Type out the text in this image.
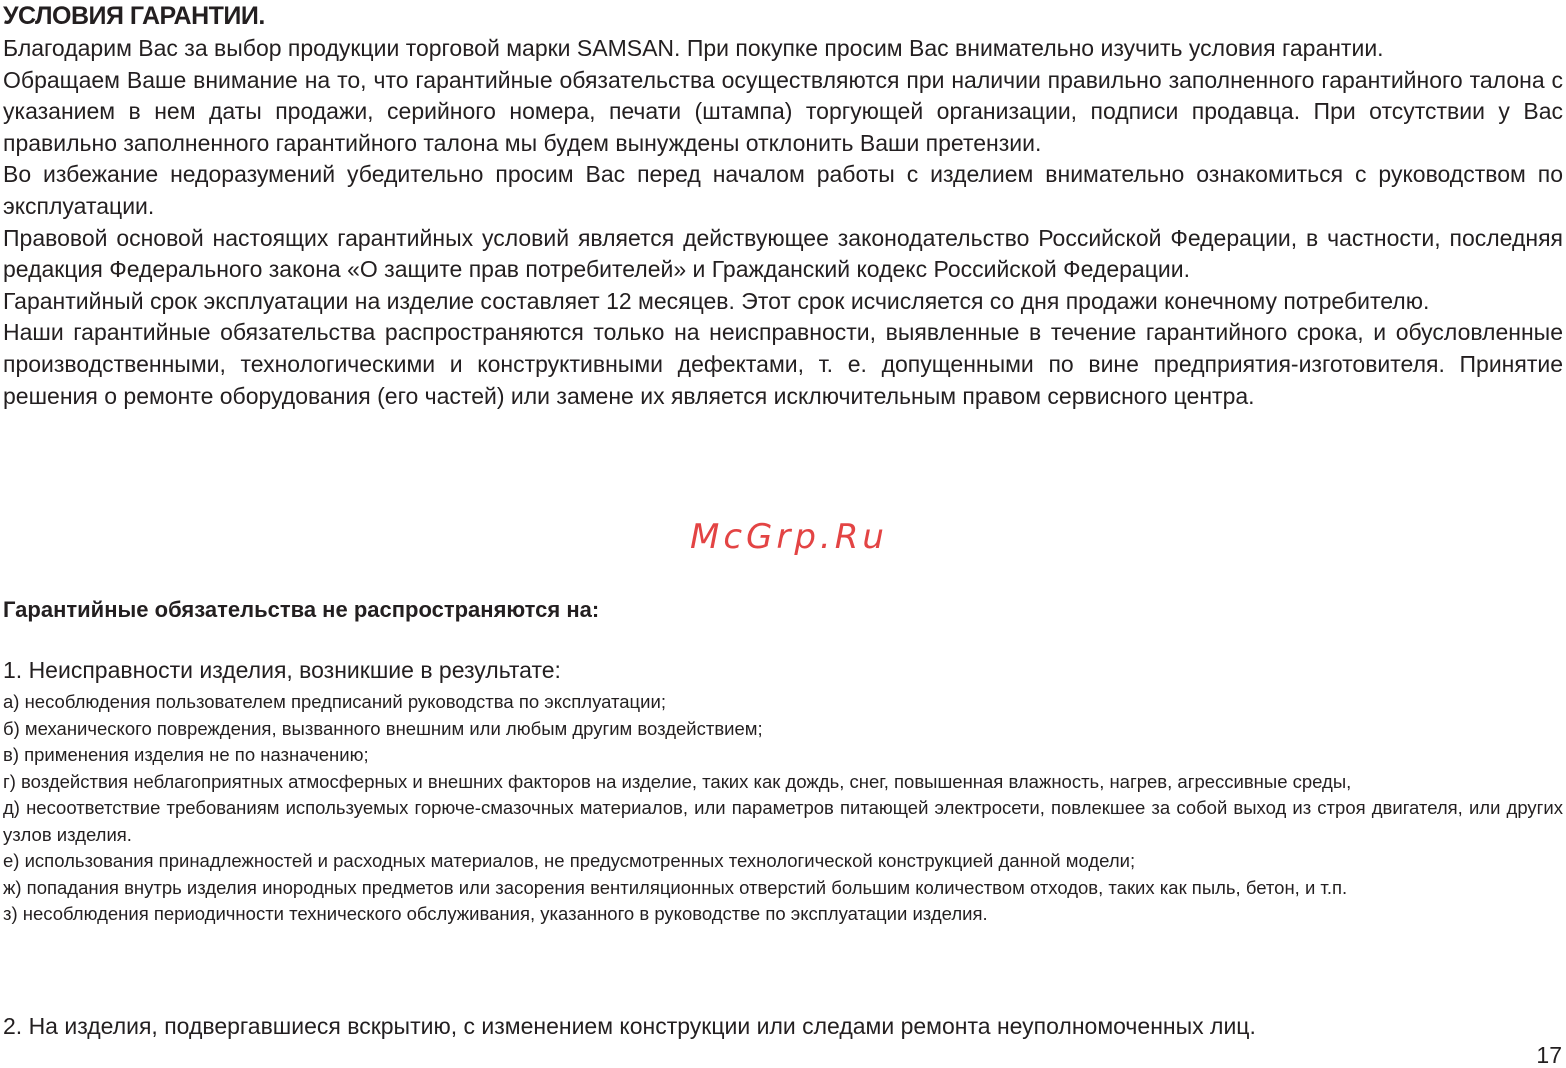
УСЛОВИЯ ГАРАНТИИ.

Благодарим Вас за выбор продукции торговой марки SAMSAN. При покупке просим Вас внимательно изучить условия гарантии.

Обращаем Ваше внимание на то, что гарантийные обязательства осуществляются при наличии правильно заполненного гарантийного талона с указанием в нем даты продажи, серийного номера, печати (штампа) торгующей организации, подписи продавца. При отсутствии у Вас правильно заполненного гарантийного талона мы будем вынуждены отклонить Ваши претензии.

Во избежание недоразумений убедительно просим Вас перед началом работы с изделием внимательно ознакомиться с руководством по эксплуатации.

Правовой основой настоящих гарантийных условий является действующее законодательство Российской Федерации, в частности, последняя редакция Федерального закона «О защите прав потребителей» и Гражданский кодекс Российской Федерации.

Гарантийный срок эксплуатации на изделие составляет 12 месяцев. Этот срок исчисляется со дня продажи конечному потребителю.

Наши гарантийные обязательства распространяются только на неисправности, выявленные в течение гарантийного срока, и обусловленные производственными, технологическими и конструктивными дефектами, т. е. допущенными по вине предприятия-изготовителя. Принятие решения о ремонте оборудования (его частей) или замене их является исключительным правом сервисного центра.

Гарантийные обязательства не распространяются на:

1. Неисправности изделия, возникшие в результате:

а) несоблюдения пользователем предписаний руководства по эксплуатации;

б) механического повреждения, вызванного внешним или любым другим воздействием;

в) применения изделия не по назначению;

г) воздействия неблагоприятных атмосферных и внешних факторов на изделие, таких как дождь, снег, повышенная влажность, нагрев, агрессивные среды,

д) несоответствие требованиям используемых горюче-смазочных материалов, или параметров питающей электросети, повлекшее за собой выход из строя двигателя, или других узлов изделия.

е) использования принадлежностей и расходных материалов, не предусмотренных технологической конструкцией данной модели;

ж) попадания внутрь изделия инородных предметов или засорения вентиляционных отверстий большим количеством отходов, таких как пыль, бетон, и т.п.

з) несоблюдения периодичности технического обслуживания, указанного в руководстве по эксплуатации изделия.

2. На изделия, подвергавшиеся вскрытию, с изменением конструкции или следами ремонта неуполномоченных лиц.

17
McGrp.Ru
